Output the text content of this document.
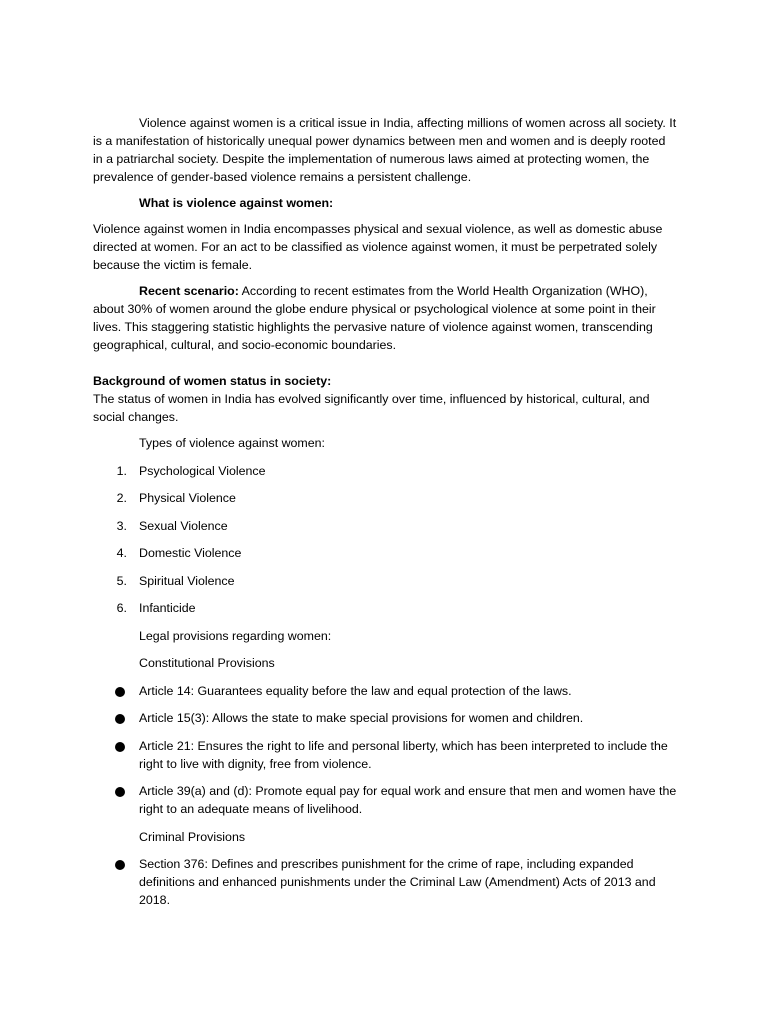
Violence against women is a critical issue in India, affecting millions of women across all society. It is a manifestation of historically unequal power dynamics between men and women and is deeply rooted in a patriarchal society. Despite the implementation of numerous laws aimed at protecting women, the prevalence of gender-based violence remains a persistent challenge.

What is violence against women:

Violence against women in India encompasses physical and sexual violence, as well as domestic abuse directed at women. For an act to be classified as violence against women, it must be perpetrated solely because the victim is female.

Recent scenario: According to recent estimates from the World Health Organization (WHO), about 30% of women around the globe endure physical or psychological violence at some point in their lives. This staggering statistic highlights the pervasive nature of violence against women, transcending geographical, cultural, and socio-economic boundaries.

Background of women status in society:

The status of women in India has evolved significantly over time, influenced by historical, cultural, and social changes.

Types of violence against women:

1. Psychological Violence
2. Physical Violence
3. Sexual Violence
4. Domestic Violence
5. Spiritual Violence
6. Infanticide

Legal provisions regarding women:

Constitutional Provisions

Article 14: Guarantees equality before the law and equal protection of the laws.
Article 15(3): Allows the state to make special provisions for women and children.
Article 21: Ensures the right to life and personal liberty, which has been interpreted to include the right to live with dignity, free from violence.
Article 39(a) and (d): Promote equal pay for equal work and ensure that men and women have the right to an adequate means of livelihood.

Criminal Provisions

Section 376: Defines and prescribes punishment for the crime of rape, including expanded definitions and enhanced punishments under the Criminal Law (Amendment) Acts of 2013 and 2018.
